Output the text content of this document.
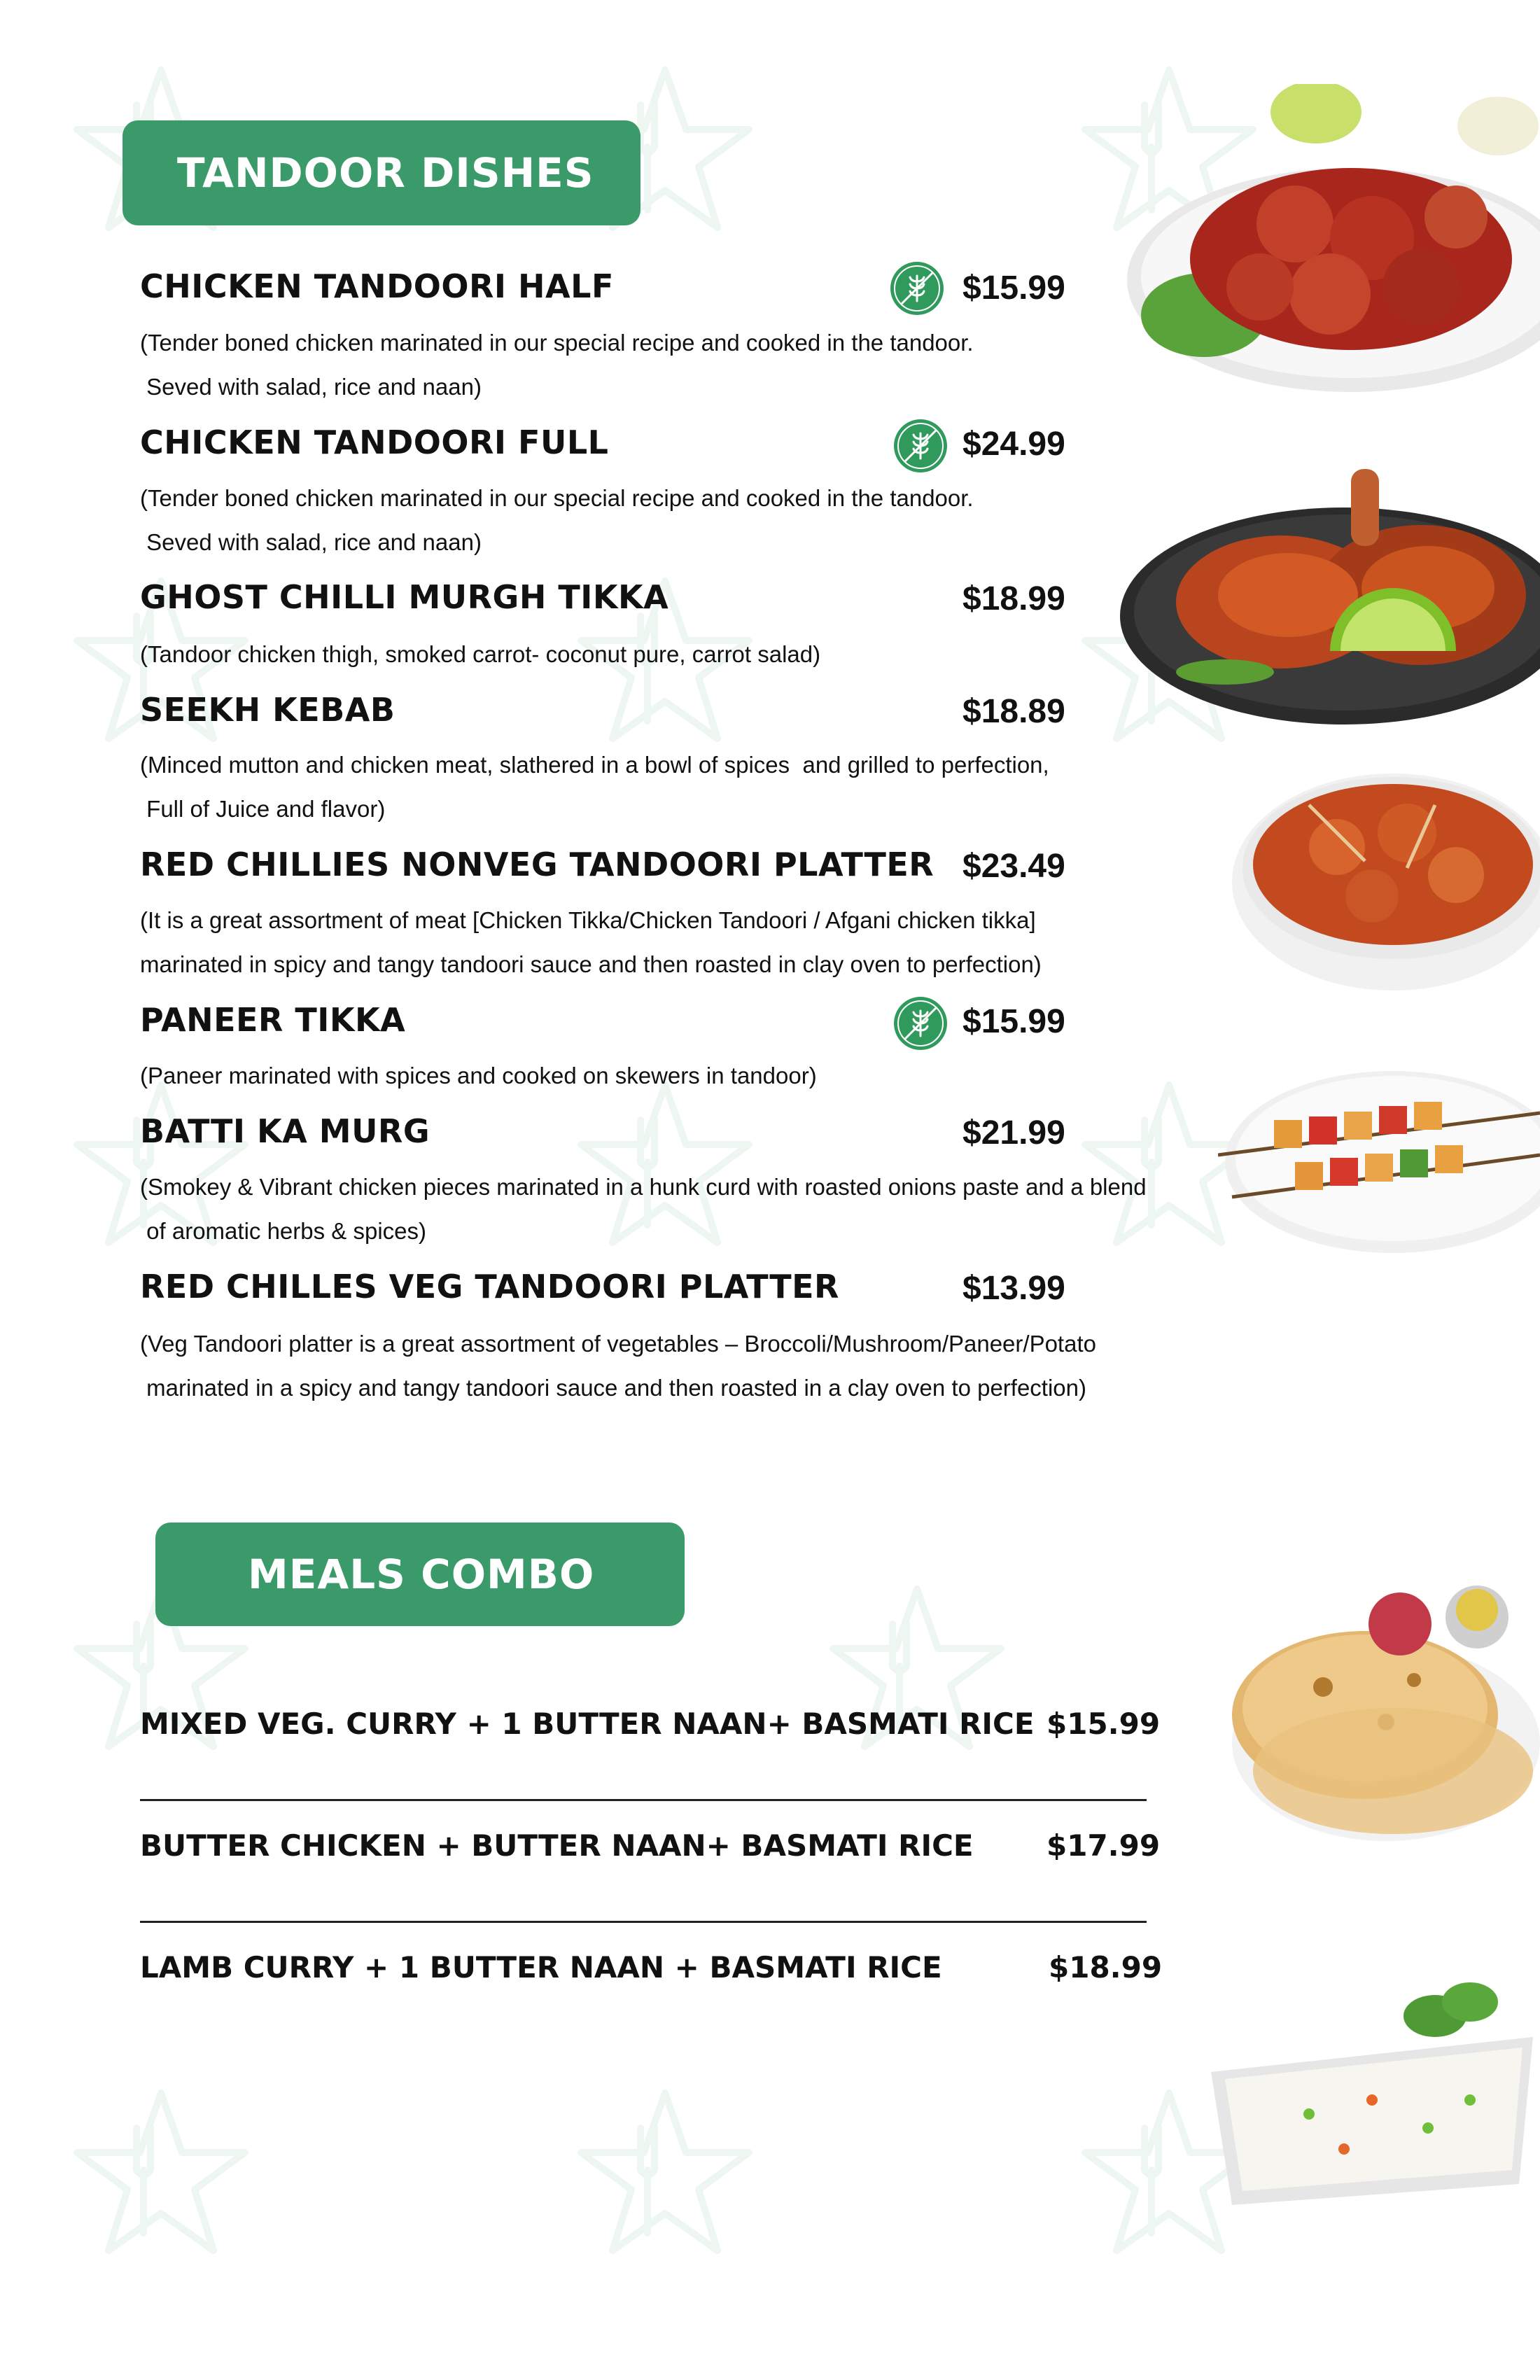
TANDOOR DISHES
CHICKEN TANDOORI HALF	$15.99
(Tender boned chicken marinated in our special recipe and cooked in the tandoor.
Seved with salad, rice and naan)
CHICKEN TANDOORI FULL	$24.99
(Tender boned chicken marinated in our special recipe and cooked in the tandoor.
Seved with salad, rice and naan)
GHOST CHILLI MURGH TIKKA	$18.99
(Tandoor chicken thigh, smoked carrot- coconut pure, carrot salad)
SEEKH KEBAB	$18.89
(Minced mutton and chicken meat, slathered in a bowl of spices  and grilled to perfection,
Full of Juice and flavor)
RED CHILLIES NONVEG TANDOORI PLATTER $23.49
(It is a great assortment of meat [Chicken Tikka/Chicken Tandoori / Afgani chicken tikka]
marinated in spicy and tangy tandoori sauce and then roasted in clay oven to perfection)
PANEER TIKKA	$15.99
(Paneer marinated with spices and cooked on skewers in tandoor)
BATTI KA MURG	$21.99
(Smokey & Vibrant chicken pieces marinated in a hunk curd with roasted onions paste and a blend
of aromatic herbs & spices)
RED CHILLES VEG TANDOORI PLATTER	$13.99
(Veg Tandoori platter is a great assortment of vegetables – Broccoli/Mushroom/Paneer/Potato
marinated in a spicy and tangy tandoori sauce and then roasted in a clay oven to perfection)
MEALS COMBO
MIXED VEG. CURRY + 1 BUTTER NAAN+ BASMATI RICE $15.99
BUTTER CHICKEN + BUTTER NAAN+ BASMATI RICE $17.99
LAMB CURRY + 1 BUTTER NAAN + BASMATI RICE	$18.99
